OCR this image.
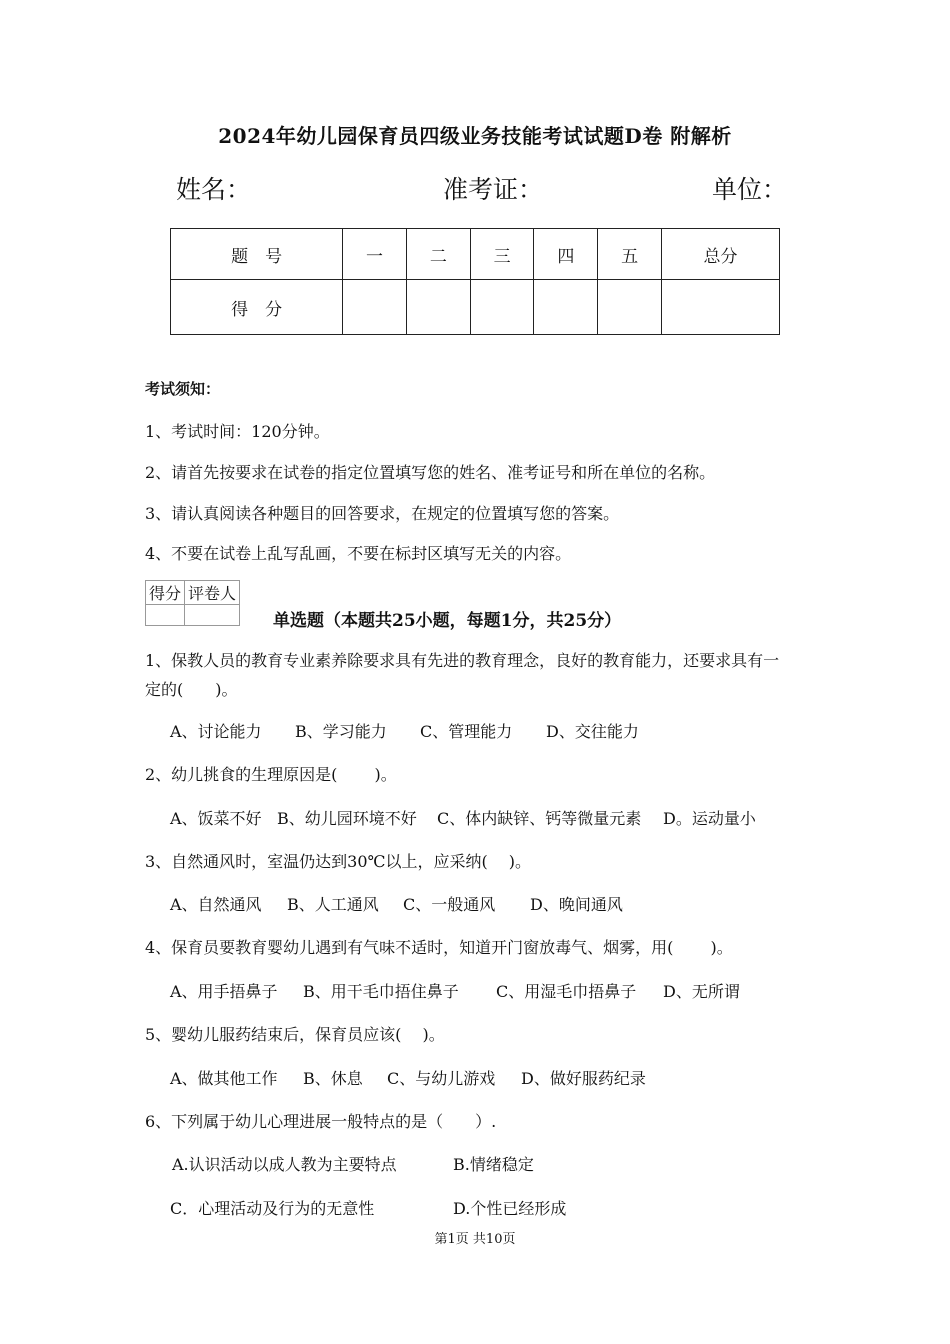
2024年幼儿园保育员四级业务技能考试试题D卷 附解析
姓名：	准考证：	单位：
题　号	一	二	三	四	五	总分
得　分						
考试须知：
1、考试时间：120分钟。
2、请首先按要求在试卷的指定位置填写您的姓名、准考证号和所在单位的名称。
3、请认真阅读各种题目的回答要求，在规定的位置填写您的答案。
4、不要在试卷上乱写乱画，不要在标封区填写无关的内容。
得分	评卷人

单选题（本题共25小题，每题1分，共25分）
1、保教人员的教育专业素养除要求具有先进的教育理念，良好的教育能力，还要求具有一
定的(　　)。
A、讨论能力 B、学习能力 C、管理能力 D、交往能力
2、幼儿挑食的生理原因是(　　 )。
A、饭菜不好 B、幼儿园环境不好 C、体内缺锌、钙等微量元素 D。运动量小
3、自然通风时，室温仍达到30℃以上，应采纳(　 )。
A、自然通风 B、人工通风 C、一般通风 D、晚间通风
4、保育员要教育婴幼儿遇到有气味不适时，知道开门窗放毒气、烟雾，用(　　 )。
A、用手捂鼻子 B、用干毛巾捂住鼻子 C、用湿毛巾捂鼻子 D、无所谓
5、婴幼儿服药结束后，保育员应该(　 )。
A、做其他工作 B、休息 C、与幼儿游戏 D、做好服药纪录
6、下列属于幼儿心理进展一般特点的是（　　）.
A.认识活动以成人教为主要特点	B.情绪稳定
C．心理活动及行为的无意性	D.个性已经形成
第1页 共10页
